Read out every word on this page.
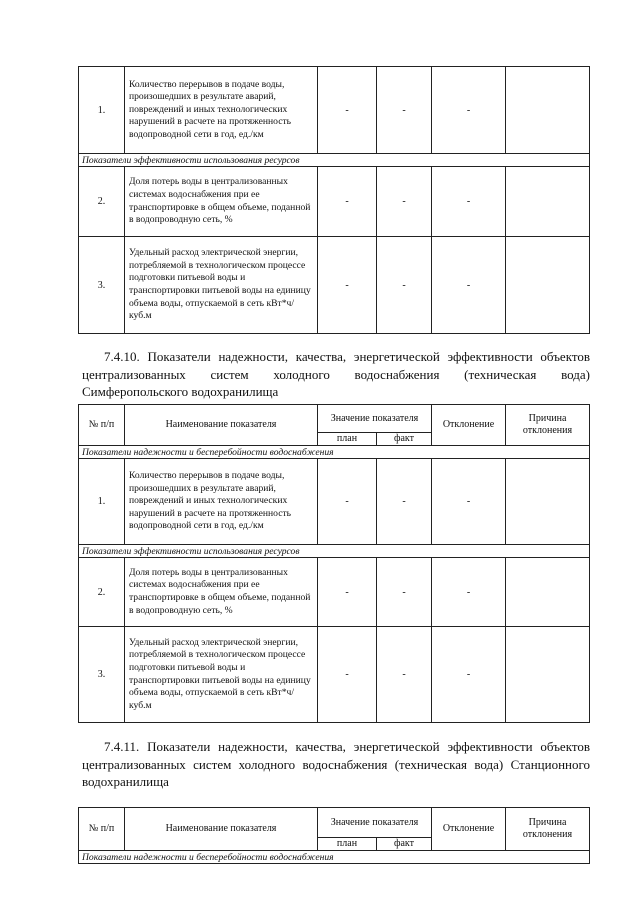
1.	Количество перерывов в подаче воды, произошедших в результате аварий, повреждений и иных технологических нарушений в расчете на протяженность водопроводной сети в год, ед./км	-	-	-	
Показатели эффективности использования ресурсов					
2.	Доля потерь воды в централизованных системах водоснабжения при ее транспортировке в общем объеме, поданной в водопроводную сеть, %	-	-	-	
3.	Удельный расход электрической энергии, потребляемой в технологическом процессе подготовки питьевой воды и транспортировки питьевой воды на единицу объема воды, отпускаемой в сеть кВт*ч/куб.м	-	-	-	

7.4.10. Показатели надежности, качества, энергетической эффективности объектов централизованных систем холодного водоснабжения (техническая вода) Симферопольского водохранилища

№ п/п	Наименование показателя	Значение показателя		Отклонение	Причина отклонения
		план	факт		
Показатели надежности и бесперебойности водоснабжения					
1.	Количество перерывов в подаче воды, произошедших в результате аварий, повреждений и иных технологических нарушений в расчете на протяженность водопроводной сети в год, ед./км	-	-	-	
Показатели эффективности использования ресурсов					
2.	Доля потерь воды в централизованных системах водоснабжения при ее транспортировке в общем объеме, поданной в водопроводную сеть, %	-	-	-	
3.	Удельный расход электрической энергии, потребляемой в технологическом процессе подготовки питьевой воды и транспортировки питьевой воды на единицу объема воды, отпускаемой в сеть кВт*ч/куб.м	-	-	-	

7.4.11. Показатели надежности, качества, энергетической эффективности объектов централизованных систем холодного водоснабжения (техническая вода) Станционного водохранилища

№ п/п	Наименование показателя	Значение показателя		Отклонение	Причина отклонения
		план	факт		
Показатели надежности и бесперебойности водоснабжения					
